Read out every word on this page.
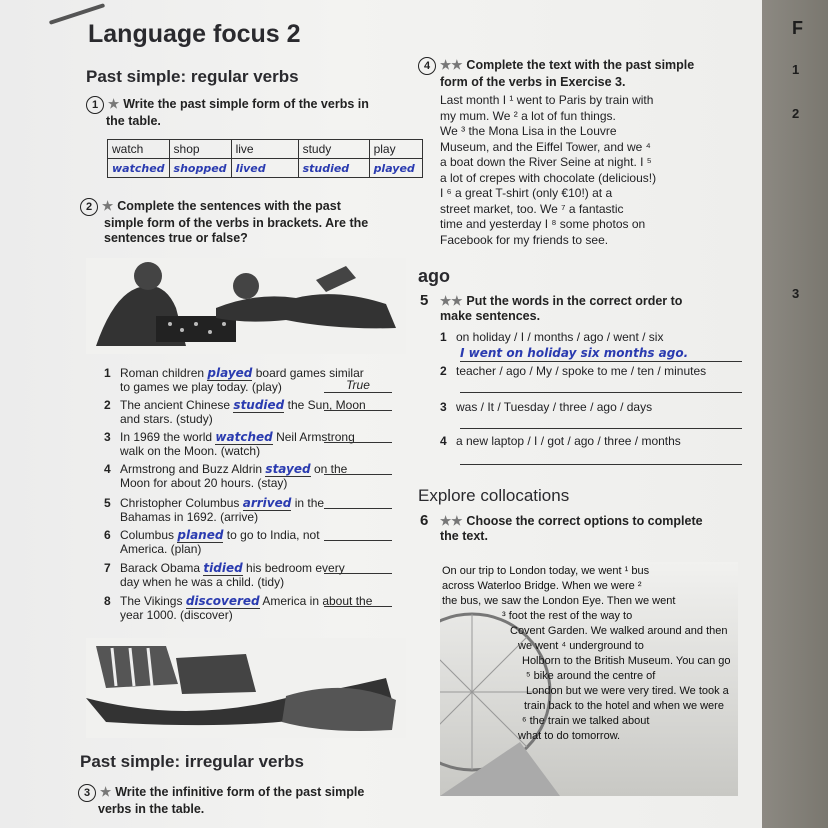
Language focus 2
Past simple: regular verbs
1 ★ Write the past simple form of the verbs in
the table.
watch	shop	live	study	play
watched	shopped	lived	studied	played
2 ★ Complete the sentences with the past
simple form of the verbs in brackets. Are the
sentences true or false?
1 Roman children played board games similar
to games we play today. (play)	True
2 The ancient Chinese studied the Sun, Moon
and stars. (study)
3 In 1969 the world watched Neil Armstrong
walk on the Moon. (watch)
4 Armstrong and Buzz Aldrin stayed on the
Moon for about 20 hours. (stay)
5 Christopher Columbus arrived in the
Bahamas in 1692. (arrive)
6 Columbus planed to go to India, not
America. (plan)
7 Barack Obama tidied his bedroom every
day when he was a child. (tidy)
8 The Vikings discovered America in about the
year 1000. (discover)
Past simple: irregular verbs
3 ★ Write the infinitive form of the past simple
verbs in the table.
4 ★★ Complete the text with the past simple
form of the verbs in Exercise 3.
Last month I ¹ went to Paris by train with
my mum. We ² a lot of fun things.
We ³ the Mona Lisa in the Louvre
Museum, and the Eiffel Tower, and we ⁴
a boat down the River Seine at night. I ⁵
a lot of crepes with chocolate (delicious!)
I ⁶ a great T-shirt (only €10!) at a
street market, too. We ⁷ a fantastic
time and yesterday I ⁸ some photos on
Facebook for my friends to see.
ago
5 ★★ Put the words in the correct order to
make sentences.
1 on holiday / I / months / ago / went / six
I went on holiday six months ago.
2 teacher / ago / My / spoke to me / ten / minutes
3 was / It / Tuesday / three / ago / days
4 a new laptop / I / got / ago / three / months
Explore collocations
6 ★★ Choose the correct options to complete
the text.
On our trip to London today, we went ¹ bus
across Waterloo Bridge. When we were ²
the bus, we saw the London Eye. Then we went
³ foot the rest of the way to
Covent Garden. We walked around and then
we went ⁴ underground to
Holborn to the British Museum. You can go
⁵ bike around the centre of
London but we were very tired. We took a
train back to the hotel and when we were
⁶ the train we talked about
what to do tomorrow.
F
1
2
3
